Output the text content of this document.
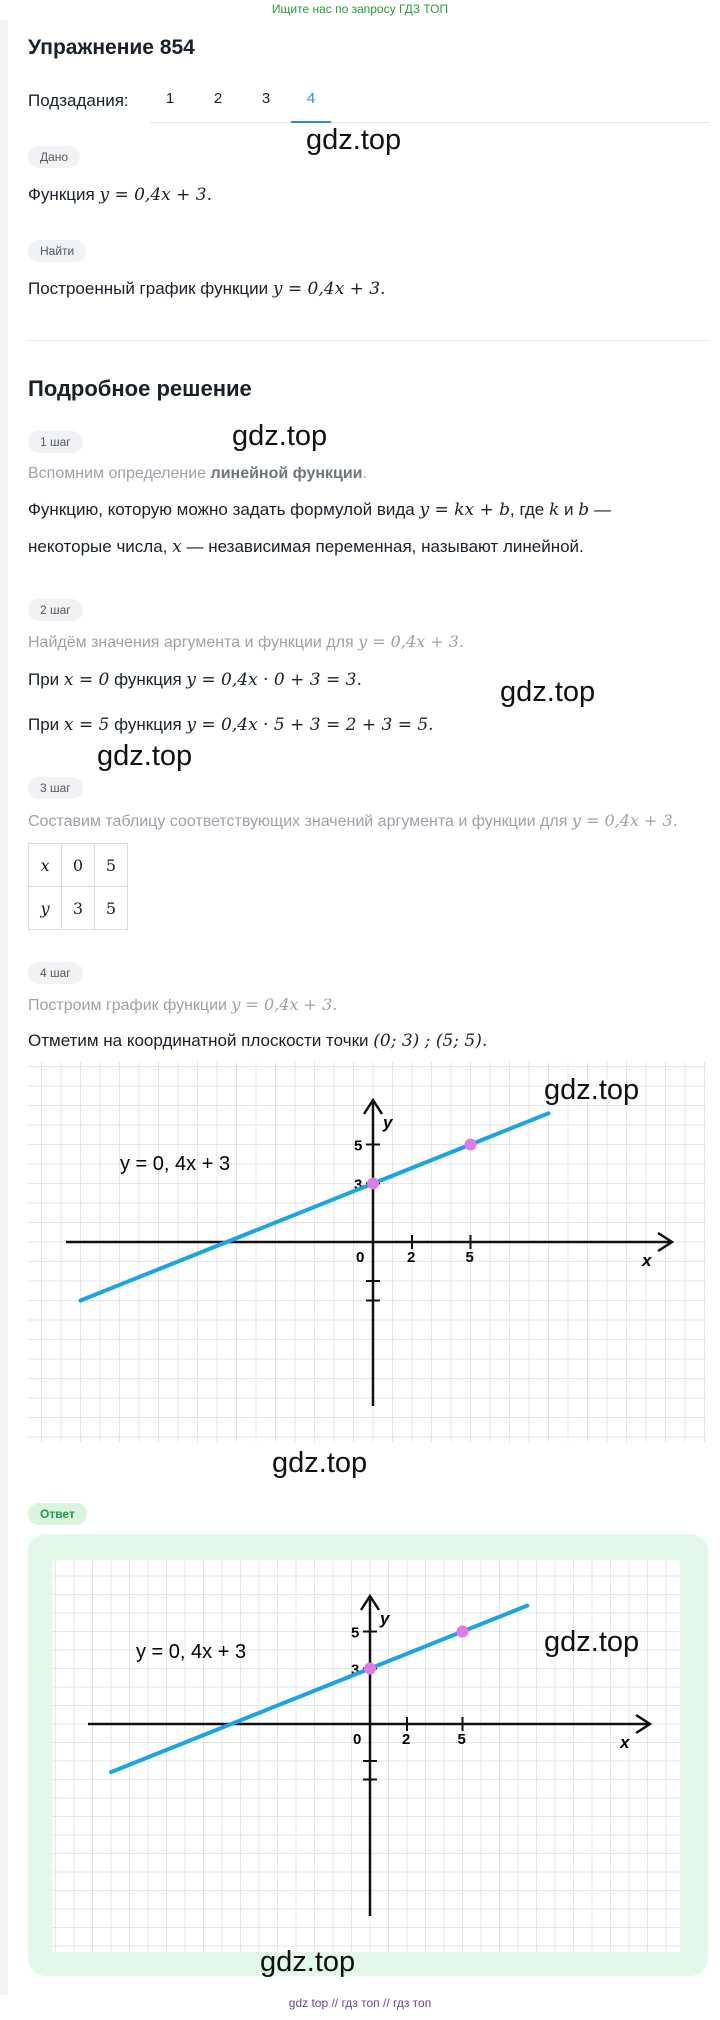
Ищите нас по запросу ГДЗ ТОП
Упражнение 854
Подзадания:	1	2	3	4
gdz.top
Дано
Функция y = 0,4x + 3.
Найти
Построенный график функции y = 0,4x + 3.
Подробное решение
1 шаг	gdz.top
Вспомним определение линейной функции.
Функцию, которую можно задать формулой вида y = kx + b, где k и b —
некоторые числа, x — независимая переменная, называют линейной.
2 шаг
Найдём значения аргумента и функции для y = 0,4x + 3.
При x = 0 функция y = 0,4x · 0 + 3 = 3.	gdz.top
При x = 5 функция y = 0,4x · 5 + 3 = 2 + 3 = 5.
gdz.top
3 шаг
Составим таблицу соответствующих значений аргумента и функции для y = 0,4x + 3.
x	0	5
y	3	5
4 шаг
Построим график функции y = 0,4x + 3.
Отметим на координатной плоскости точки (0; 3) ; (5; 5).
0	2	5
3
5
x
y
y = 0, 4x + 3
gdz.top
gdz.top
Ответ
0	2	5
3
5
x
y
y = 0, 4x + 3	gdz.top
gdz.top
gdz top // гдз топ // гдз топ
